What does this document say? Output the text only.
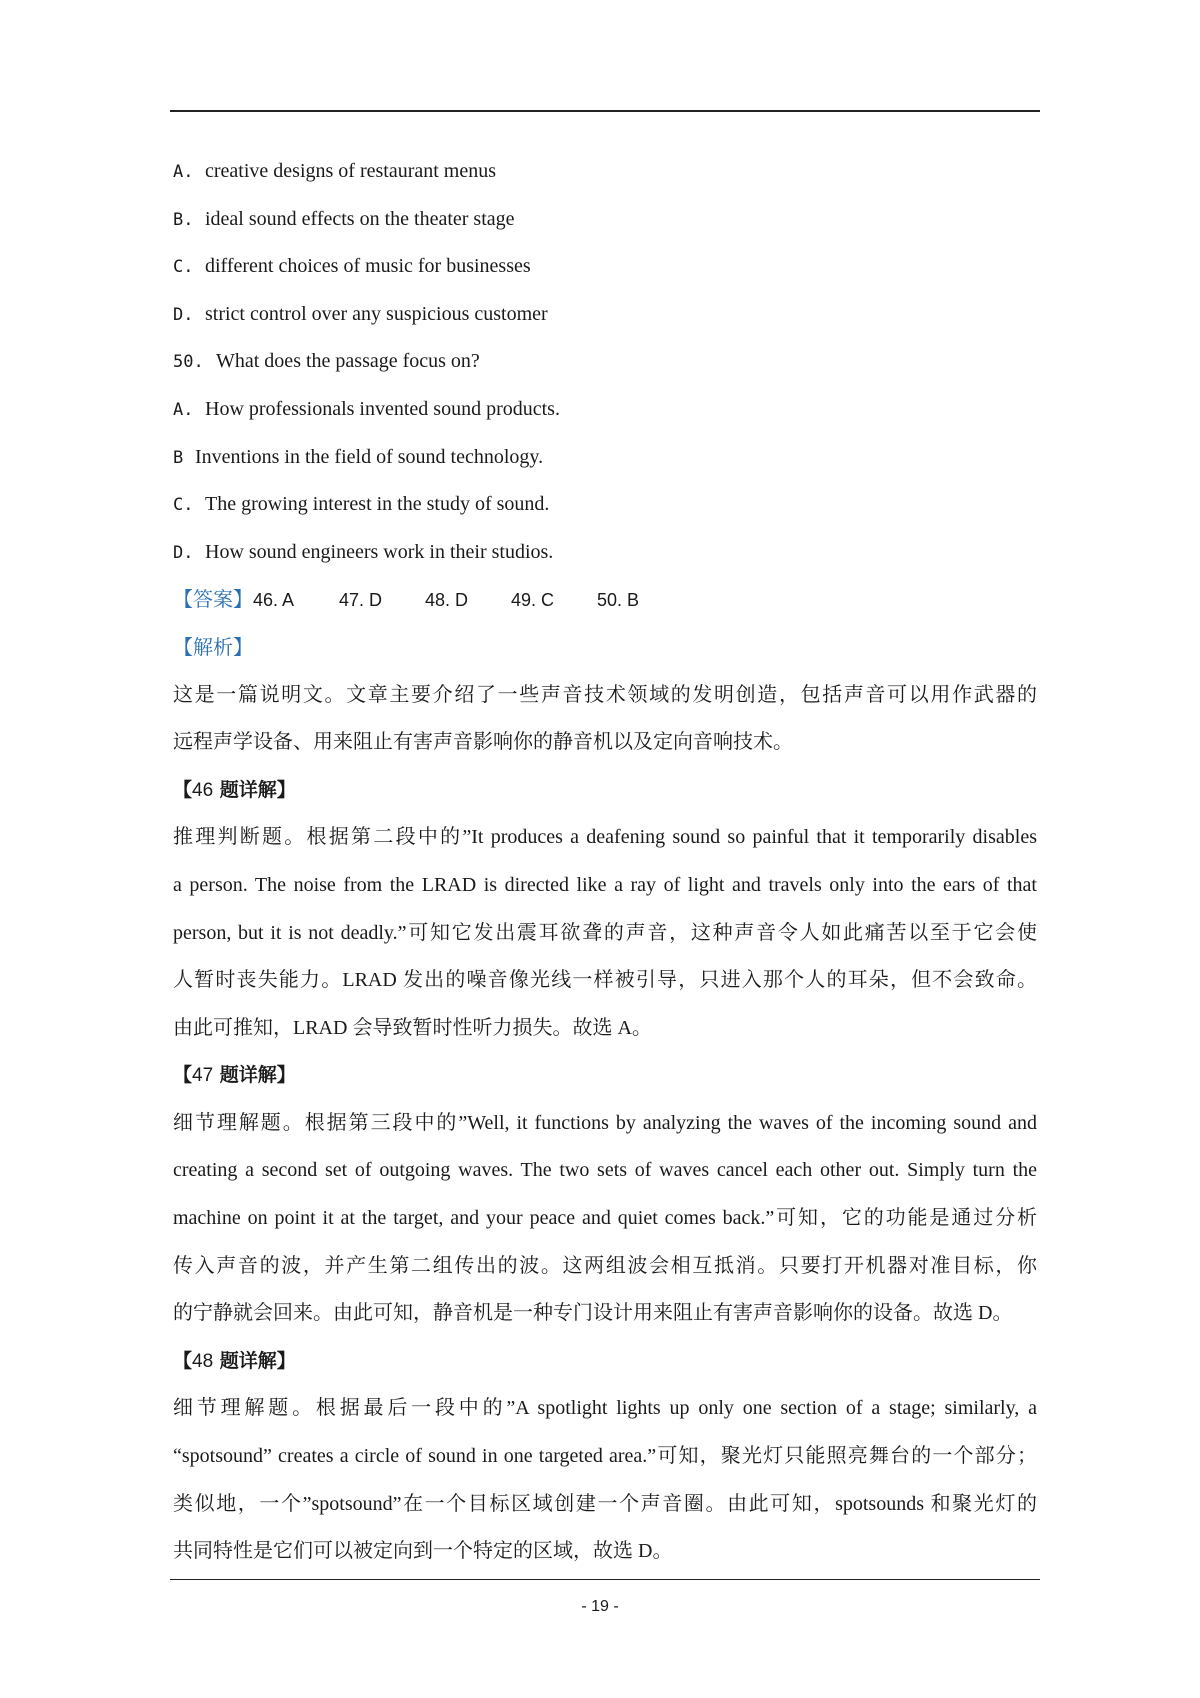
A. creative designs of restaurant menus
B. ideal sound effects on the theater stage
C. different choices of music for businesses
D. strict control over any suspicious customer
50. What does the passage focus on?
A. How professionals invented sound products.
B Inventions in the field of sound technology.
C. The growing interest in the study of sound.
D. How sound engineers work in their studios.
【答案】46. A 47. D 48. D 49. C 50. B
【解析】
这是一篇说明文。文章主要介绍了一些声音技术领域的发明创造，包括声音可以用作武器的
远程声学设备、用来阻止有害声音影响你的静音机以及定向音响技术。
【46 题详解】
推理判断题。根据第二段中的”It produces a deafening sound so painful that it temporarily disables
a person. The noise from the LRAD is directed like a ray of light and travels only into the ears of that
person, but it is not deadly.”可知它发出震耳欲聋的声音，这种声音令人如此痛苦以至于它会使
人暂时丧失能力。LRAD 发出的噪音像光线一样被引导，只进入那个人的耳朵，但不会致命。
由此可推知，LRAD 会导致暂时性听力损失。故选 A。
【47 题详解】
细节理解题。根据第三段中的”Well, it functions by analyzing the waves of the incoming sound and
creating a second set of outgoing waves. The two sets of waves cancel each other out. Simply turn the
machine on point it at the target, and your peace and quiet comes back.”可知，它的功能是通过分析
传入声音的波，并产生第二组传出的波。这两组波会相互抵消。只要打开机器对准目标，你
的宁静就会回来。由此可知，静音机是一种专门设计用来阻止有害声音影响你的设备。故选 D。
【48 题详解】
细节理解题。根据最后一段中的”A spotlight lights up only one section of a stage; similarly, a
“spotsound” creates a circle of sound in one targeted area.”可知，聚光灯只能照亮舞台的一个部分；
类似地，一个”spotsound”在一个目标区域创建一个声音圈。由此可知，spotsounds 和聚光灯的
共同特性是它们可以被定向到一个特定的区域，故选 D。
- 19 -
